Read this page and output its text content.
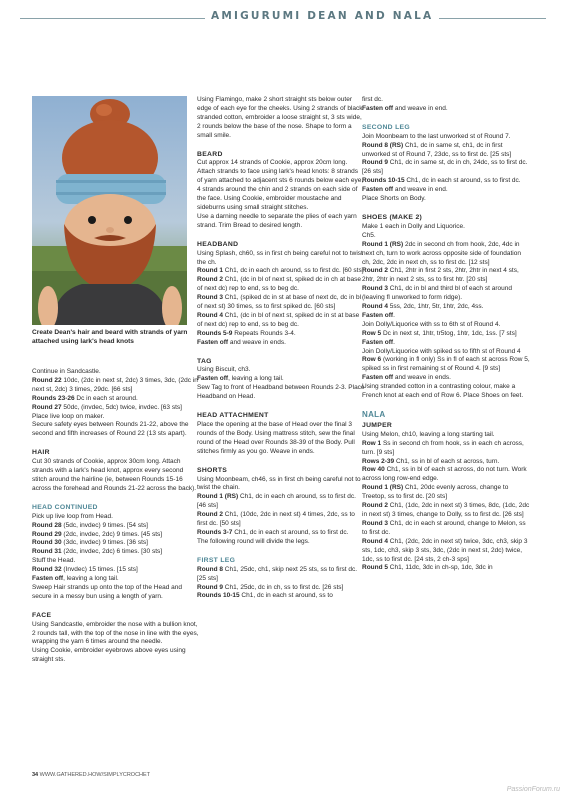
AMIGURUMI DEAN AND NALA
Create Dean's hair and beard with strands of yarn attached using lark's head knots

Continue in Sandcastle.

Round 22 10dc, (2dc in next st, 2dc) 3 times, 3dc, (2dc in next st, 2dc) 3 times, 29dc. [66 sts]

Rounds 23-26 Dc in each st around.

Round 27 50dc, (invdec, 5dc) twice, invdec. [63 sts]

Place live loop on maker.

Secure safety eyes between Rounds 21-22, above the second and fifth increases of Round 22 (13 sts apart).

HAIR

Cut 30 strands of Cookie, approx 30cm long. Attach strands with a lark's head knot, approx every second stitch around the hairline (ie, between Rounds 15-16 across the forehead and Rounds 21-22 across the back).

HEAD CONTINUED

Pick up live loop from Head.

Round 28 (5dc, invdec) 9 times. [54 sts]

Round 29 (2dc, invdec, 2dc) 9 times. [45 sts]

Round 30 (3dc, invdec) 9 times. [36 sts]

Round 31 (2dc, invdec, 2dc) 6 times. [30 sts]

Stuff the Head.

Round 32 (Invdec) 15 times. [15 sts]

Fasten off, leaving a long tail.

Sweep Hair strands up onto the top of the Head and secure in a messy bun using a length of yarn.

FACE

Using Sandcastle, embroider the nose with a bullion knot, 2 rounds tall, with the top of the nose in line with the eyes, wrapping the yarn 6 times around the needle.

Using Cookie, embroider eyebrows above eyes using straight sts.

Using Flamingo, make 2 short straight sts below outer edge of each eye for the cheeks. Using 2 strands of black stranded cotton, embroider a loose straight st, 3 sts wide, 2 rounds below the base of the nose. Shape to form a small smile.

BEARD

Cut approx 14 strands of Cookie, approx 20cm long. Attach strands to face using lark's head knots: 8 strands of yarn attached to adjacent sts 6 rounds below each eye, 4 strands around the chin and 2 strands on each side of the face. Using Cookie, embroider moustache and sideburns using small straight stitches.

Use a darning needle to separate the plies of each yarn strand. Trim Bread to desired length.

HEADBAND

Using Splash, ch60, ss in first ch being careful not to twist the ch.

Round 1 Ch1, dc in each ch around, ss to first dc. [60 sts]

Round 2 Ch1, (dc in bl of next st, spiked dc in ch at base of next dc) rep to end, ss to beg dc.

Round 3 Ch1, (spiked dc in st at base of next dc, dc in bl of next st) 30 times, ss to first spiked dc. [60 sts]

Round 4 Ch1, (dc in bl of next st, spiked dc in st at base of next dc) rep to end, ss to beg dc.

Rounds 5-9 Repeats Rounds 3-4.

Fasten off and weave in ends.

TAG

Using Biscuit, ch3.

Fasten off, leaving a long tail.

Sew Tag to front of Headband between Rounds 2-3. Place Headband on Head.

HEAD ATTACHMENT

Place the opening at the base of Head over the final 3 rounds of the Body. Using mattress stitch, sew the final round of the Head over Rounds 38-39 of the Body. Pull stitches firmly as you go. Weave in ends.

SHORTS

Using Moonbeam, ch46, ss in first ch being careful not to twist the chain.

Round 1 (RS) Ch1, dc in each ch around, ss to first dc. [46 sts]

Round 2 Ch1, (10dc, 2dc in next st) 4 times, 2dc, ss to first dc. [50 sts]

Rounds 3-7 Ch1, dc in each st around, ss to first dc.

The following round will divide the legs.

FIRST LEG

Round 8 Ch1, 25dc, ch1, skip next 25 sts, ss to first dc. [25 sts]

Round 9 Ch1, 25dc, dc in ch, ss to first dc. [26 sts]

Rounds 10-15 Ch1, dc in each st around, ss to

first dc.

Fasten off and weave in end.

SECOND LEG

Join Moonbeam to the last unworked st of Round 7.

Round 8 (RS) Ch1, dc in same st, ch1, dc in first unworked st of Round 7, 23dc, ss to first dc. [25 sts]

Round 9 Ch1, dc in same st, dc in ch, 24dc, ss to first dc. [26 sts]

Rounds 10-15 Ch1, dc in each st around, ss to first dc.

Fasten off and weave in end.

Place Shorts on Body.

SHOES (MAKE 2)

Make 1 each in Dolly and Liquorice.

Ch5.

Round 1 (RS) 2dc in second ch from hook, 2dc, 4dc in next ch, turn to work across opposite side of foundation ch, 2dc, 2dc in next ch, ss to first dc. [12 sts]

Round 2 Ch1, 2htr in first 2 sts, 2htr, 2htr in next 4 sts, 2htr, 2htr in next 2 sts, ss to first htr. [20 sts]

Round 3 Ch1, dc in bl and third bl of each st around (leaving fl unworked to form ridge).

Round 4 5ss, 2dc, 1htr, 5tr, 1htr, 2dc, 4ss.

Fasten off.

Join Dolly/Liquorice with ss to 6th st of Round 4.

Row 5 Dc in next st, 1htr, tr5tog, 1htr, 1dc, 1ss. [7 sts]

Fasten off.

Join Dolly/Liquorice with spiked ss to fifth st of Round 4

Row 6 (working in fl only) Ss in fl of each st across Row 5, spiked ss in first remaining st of Round 4. [9 sts]

Fasten off and weave in ends.

Using stranded cotton in a contrasting colour, make a French knot at each end of Row 6. Place Shoes on feet.

NALA
JUMPER

Using Melon, ch10, leaving a long starting tail.

Row 1 Ss in second ch from hook, ss in each ch across, turn. [9 sts]

Rows 2-39 Ch1, ss in bl of each st across, turn.

Row 40 Ch1, ss in bl of each st across, do not turn. Work across long row-end edge.

Round 1 (RS) Ch1, 20dc evenly across, change to Treetop, ss to first dc. [20 sts]

Round 2 Ch1, (1dc, 2dc in next st) 3 times, 8dc, (1dc, 2dc in next st) 3 times, change to Dolly, ss to first dc. [26 sts]

Round 3 Ch1, dc in each st around, change to Melon, ss to first dc.

Round 4 Ch1, (2dc, 2dc in next st) twice, 3dc, ch3, skip 3 sts, 1dc, ch3, skip 3 sts, 3dc, (2dc in next st, 2dc) twice, 1dc, ss to first dc. [24 sts, 2 ch-3 sps]

Round 5 Ch1, 11dc, 3dc in ch-sp, 1dc, 3dc in

34 WWW.GATHERED.HOW/SIMPLYCROCHET
PassionForum.ru
